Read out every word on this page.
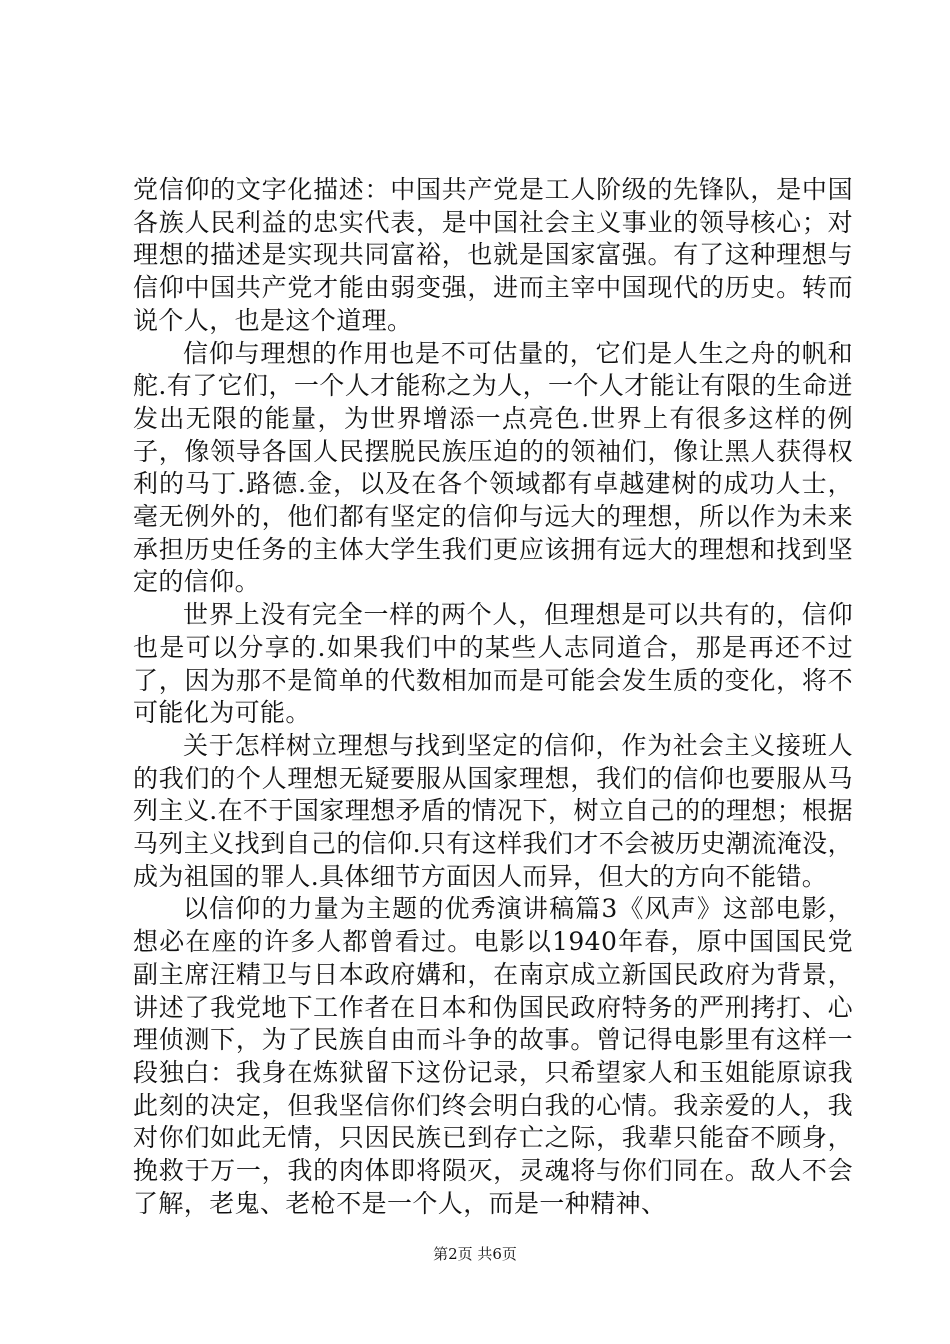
党信仰的文字化描述：中国共产党是工人阶级的先锋队，是中国各族人民利益的忠实代表，是中国社会主义事业的领导核心；对理想的描述是实现共同富裕，也就是国家富强。有了这种理想与信仰中国共产党才能由弱变强，进而主宰中国现代的历史。转而说个人，也是这个道理。

信仰与理想的作用也是不可估量的，它们是人生之舟的帆和舵.有了它们，一个人才能称之为人，一个人才能让有限的生命迸发出无限的能量，为世界增添一点亮色.世界上有很多这样的例子，像领导各国人民摆脱民族压迫的的领袖们，像让黑人获得权利的马丁.路德.金，以及在各个领域都有卓越建树的成功人士，毫无例外的，他们都有坚定的信仰与远大的理想，所以作为未来承担历史任务的主体大学生我们更应该拥有远大的理想和找到坚定的信仰。

世界上没有完全一样的两个人，但理想是可以共有的，信仰也是可以分享的.如果我们中的某些人志同道合，那是再还不过了，因为那不是简单的代数相加而是可能会发生质的变化，将不可能化为可能。

关于怎样树立理想与找到坚定的信仰，作为社会主义接班人的我们的个人理想无疑要服从国家理想，我们的信仰也要服从马列主义.在不于国家理想矛盾的情况下，树立自己的的理想；根据马列主义找到自己的信仰.只有这样我们才不会被历史潮流淹没，成为祖国的罪人.具体细节方面因人而异，但大的方向不能错。

以信仰的力量为主题的优秀演讲稿篇3《风声》这部电影，想必在座的许多人都曾看过。电影以1940年春，原中国国民党副主席汪精卫与日本政府媾和，在南京成立新国民政府为背景，讲述了我党地下工作者在日本和伪国民政府特务的严刑拷打、心理侦测下，为了民族自由而斗争的故事。曾记得电影里有这样一段独白：我身在炼狱留下这份记录，只希望家人和玉姐能原谅我此刻的决定，但我坚信你们终会明白我的心情。我亲爱的人，我对你们如此无情，只因民族已到存亡之际，我辈只能奋不顾身，挽救于万一，我的肉体即将陨灭，灵魂将与你们同在。敌人不会了解，老鬼、老枪不是一个人，而是一种精神、

第2页 共6页
